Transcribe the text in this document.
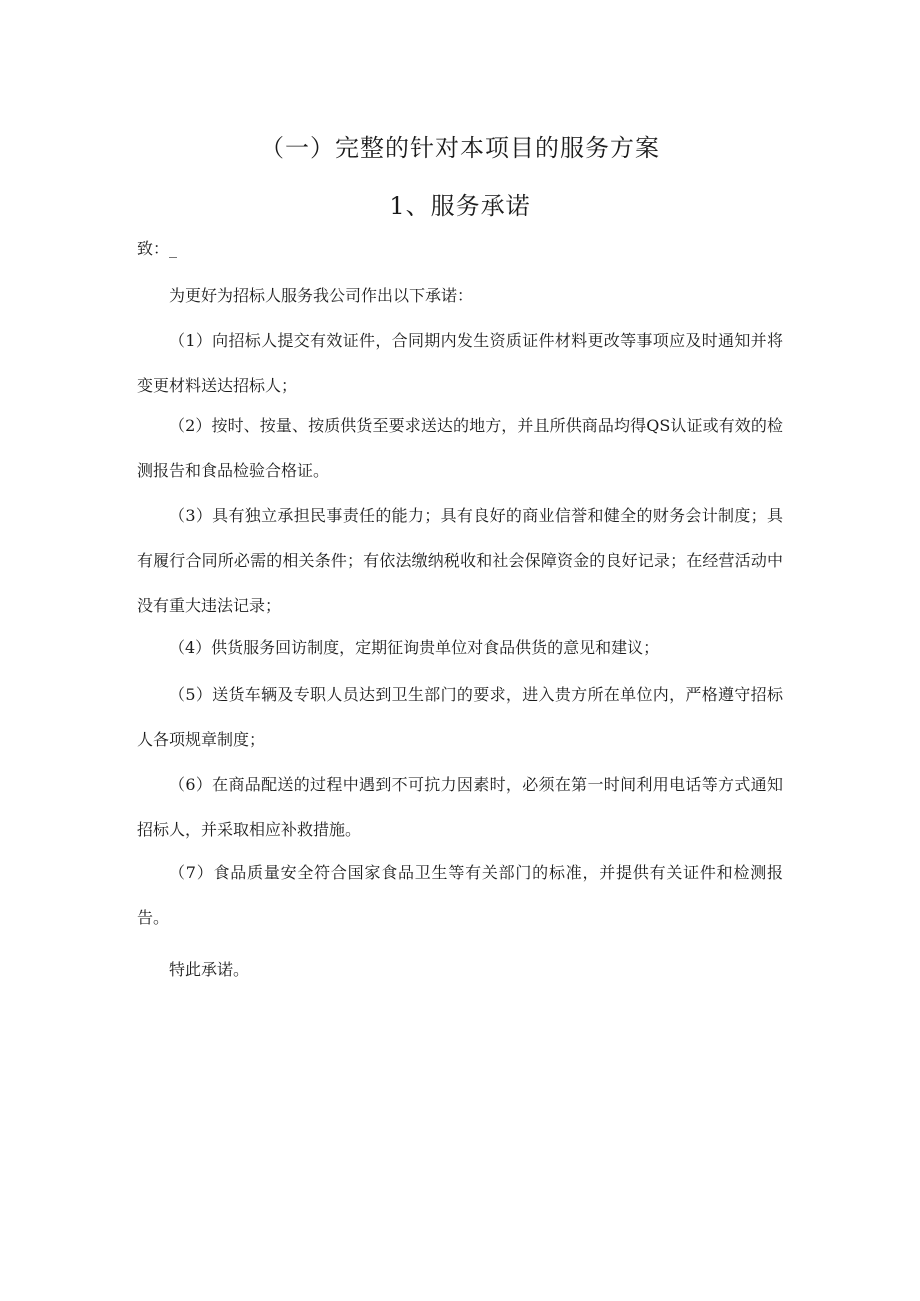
（一）完整的针对本项目的服务方案
1、服务承诺
致：_
为更好为招标人服务我公司作出以下承诺：
（1）向招标人提交有效证件，合同期内发生资质证件材料更改等事项应及时通知并将变更材料送达招标人；
（2）按时、按量、按质供货至要求送达的地方，并且所供商品均得QS认证或有效的检测报告和食品检验合格证。
（3）具有独立承担民事责任的能力；具有良好的商业信誉和健全的财务会计制度；具有履行合同所必需的相关条件；有依法缴纳税收和社会保障资金的良好记录；在经营活动中没有重大违法记录；
（4）供货服务回访制度，定期征询贵单位对食品供货的意见和建议；
（5）送货车辆及专职人员达到卫生部门的要求，进入贵方所在单位内，严格遵守招标人各项规章制度；
（6）在商品配送的过程中遇到不可抗力因素时，必须在第一时间利用电话等方式通知招标人，并采取相应补救措施。
（7）食品质量安全符合国家食品卫生等有关部门的标准，并提供有关证件和检测报告。
特此承诺。
